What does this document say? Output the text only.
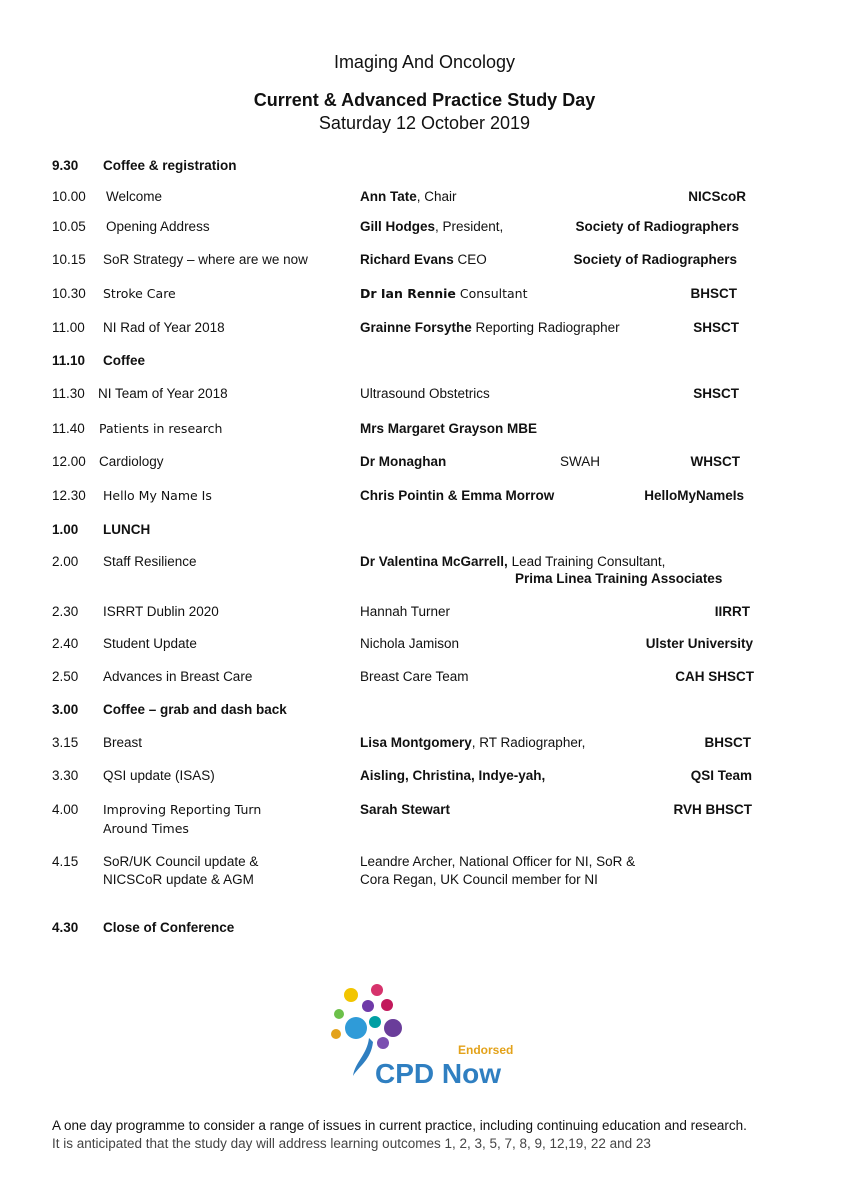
Imaging And Oncology
Current & Advanced Practice Study Day
Saturday 12 October 2019
9.30 Coffee & registration
10.00 Welcome	Ann Tate, Chair	NICScoR
10.05 Opening Address	Gill Hodges, President,	Society of Radiographers
10.15 SoR Strategy – where are we now	Richard Evans CEO	Society of Radiographers
10.30 Stroke Care	Dr Ian Rennie Consultant	BHSCT
11.00 NI Rad of Year 2018	Grainne Forsythe Reporting Radiographer	SHSCT
11.10 Coffee
11.30 NI Team of Year 2018	Ultrasound Obstetrics	SHSCT
11.40 Patients in research	Mrs Margaret Grayson MBE
12.00 Cardiology	Dr Monaghan	SWAH	WHSCT
12.30 Hello My Name Is	Chris Pointin & Emma Morrow	HelloMyNameIs
1.00 LUNCH
2.00 Staff Resilience	Dr Valentina McGarrell, Lead Training Consultant,
Prima Linea Training Associates
2.30 ISRRT Dublin 2020	Hannah Turner	IIRRT
2.40 Student Update	Nichola Jamison	Ulster University
2.50 Advances in Breast Care	Breast Care Team	CAH SHSCT
3.00 Coffee – grab and dash back
3.15 Breast	Lisa Montgomery, RT Radiographer,	BHSCT
3.30 QSI update (ISAS)	Aisling, Christina, Indye-yah,	QSI Team
4.00 Improving Reporting Turn	Sarah Stewart	RVH BHSCT
Around Times
4.15 SoR/UK Council update &	Leandre Archer, National Officer for NI, SoR &
NICSCoR update & AGM	Cora Regan, UK Council member for NI
4.30 Close of Conference
Endorsed
CPD Now
A one day programme to consider a range of issues in current practice, including continuing education and research.
It is anticipated that the study day will address learning outcomes 1, 2, 3, 5, 7, 8, 9, 12,19, 22 and 23
